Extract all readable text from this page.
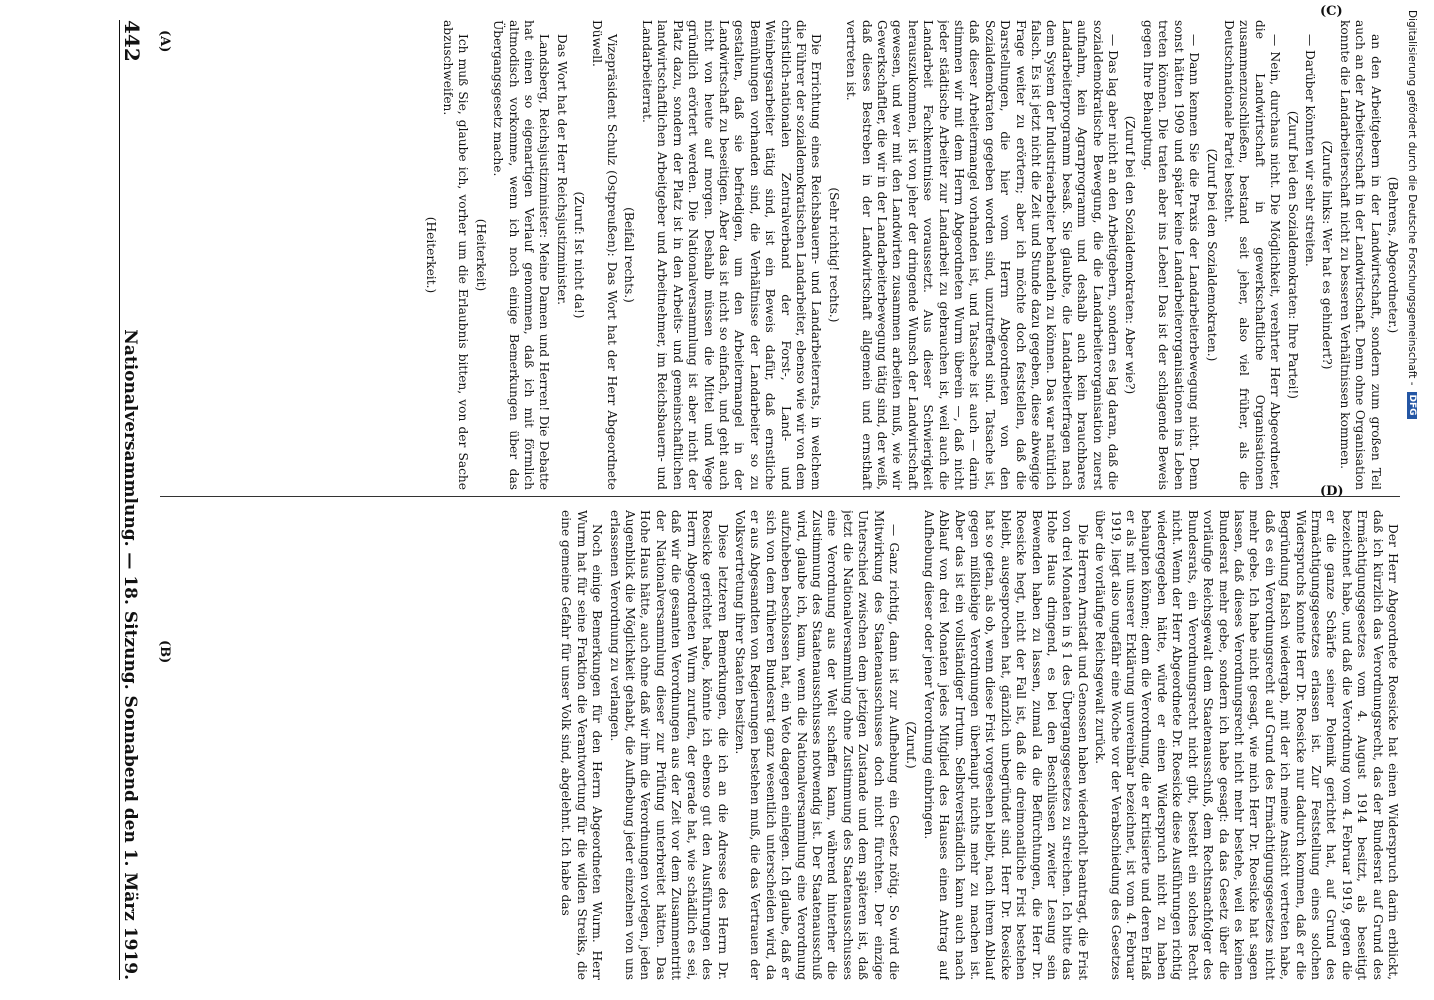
(Behrens, Abgeordneter.)

an den Arbeitgebern in der Landwirtschaft, sondern zum großen Teil auch an der Arbeiterschaft in der Landwirtschaft. Denn ohne Organisation konnte die Landarbeiterschaft nicht zu besseren Verhältnissen kommen.

(Zurufe links: Wer hat es gehindert?)

— Darüber könnten wir sehr streiten.

(Zuruf bei den Sozialdemokraten: Ihre Partei!)

— Nein, durchaus nicht. Die Möglichkeit, verehrter Herr Abgeordneter, die Landwirtschaft in gewerkschaftliche Organisationen zusammenzuschließen, bestand seit jeher, also viel früher, als die Deutschnationale Partei besteht.

(Zuruf bei den Sozialdemokraten.)

— Dann kennen Sie die Praxis der Landarbeiterbewegung nicht. Denn sonst hätten 1909 und später keine Landarbeiterorganisationen ins Leben treten können. Die traten aber ins Leben! Das ist der schlagende Beweis gegen Ihre Behauptung.

(Zuruf bei den Sozialdemokraten: Aber wie?)

— Das lag aber nicht an den Arbeitgebern, sondern es lag daran, daß die sozialdemokratische Bewegung, die die Landarbeiterorganisation zuerst aufnahm, kein Agrarprogramm und deshalb auch kein brauchbares Landarbeiterprogramm besaß. Sie glaubte, die Landarbeiterfragen nach dem System der Industriearbeiter behandeln zu können. Das war natürlich falsch. Es ist jetzt nicht die Zeit und Stunde dazu gegeben, diese abwegige Frage weiter zu erörtern; aber ich möchte doch feststellen, daß die Darstellungen, die hier vom Herrn Abgeordneten von den Sozialdemokraten gegeben worden sind, unzutreffend sind. Tatsache ist, daß dieser Arbeitermangel vorhanden ist, und Tatsache ist auch — darin stimmen wir mit dem Herrn Abgeordneten Wurm überein —, daß nicht jeder städtische Arbeiter zur Landarbeit zu gebrauchen ist, weil auch die Landarbeit Fachkenntnisse voraussetzt. Aus dieser Schwierigkeit herauszukommen, ist von jeher der dringende Wunsch der Landwirtschaft gewesen, und wer mit den Landwirten zusammen arbeiten muß, wie wir Gewerkschaftler, die wir in der Landarbeiterbewegung tätig sind, der weiß, daß dieses Bestreben in der Landwirtschaft allgemein und ernsthaft vertreten ist.

(Sehr richtig! rechts.)

Die Errichtung eines Reichsbauern- und Landarbeiterrats, in welchem die Führer der sozialdemokratischen Landarbeiter, ebenso wie wir von dem christlich-nationalen Zentralverband der Forst-, Land- und Weinbergsarbeiter tätig sind, ist ein Beweis dafür, daß ernstliche Bemühungen vorhanden sind, die Verhältnisse der Landarbeiter so zu gestalten, daß sie befriedigen, um den Arbeitermangel in der Landwirtschaft zu beseitigen. Aber das ist nicht so einfach, und geht auch nicht von heute auf morgen. Deshalb müssen die Mittel und Wege gründlich erörtert werden. Die Nationalversammlung ist aber nicht der Platz dazu, sondern der Platz ist in den Arbeits- und gemeinschaftlichen landwirtschaftlichen Arbeitgeber und Arbeitnehmer, im Reichsbauern- und Landarbeiterrat.

(Beifall rechts.)

Vizepräsident Schulz (Ostpreußen): Das Wort hat der Herr Abgeordnete Düwell.

(Zuruf: Ist nicht da!)

Das Wort hat der Herr Reichsjustizminister.

Landsberg, Reichsjustizminister: Meine Damen und Herren! Die Debatte hat einen so eigenartigen Verlauf genommen, daß ich mit förmlich altmodisch vorkomme, wenn ich noch einige Bemerkungen über das Übergangsgesetz mache.

(Heiterkeit)

Ich muß Sie, glaube ich, vorher um die Erlaubnis bitten, von der Sache abzuschweifen.

(Heiterkeit.)

Der Herr Abgeordnete Roesicke hat einen Widerspruch darin erblickt, daß ich kürzlich das Verordnungsrecht, das der Bundesrat auf Grund des Ermächtigungsgesetzes vom 4. August 1914 besitzt, als beseitigt bezeichnet habe, und daß die Verordnung vom 4. Februar 1919, gegen die er die ganze Schärfe seiner Polemik gerichtet hat, auf Grund des Ermächtigungsgesetzes erlassen ist. Zur Feststellung eines solchen Widerspruchs konnte Herr Dr. Roesicke nur dadurch kommen, daß er die Begründung falsch wiedergab, mit der ich meine Ansicht vertreten habe, daß es ein Verordnungsrecht auf Grund des Ermächtigungsgesetzes nicht mehr gebe. Ich habe nicht gesagt, wie mich Herr Dr. Roesicke hat sagen lassen, daß dieses Verordnungsrecht nicht mehr bestehe, weil es keinen Bundesrat mehr gebe, sondern ich habe gesagt: da das Gesetz über die vorläufige Reichsgewalt dem Staatenausschuß, dem Rechtsnachfolger des Bundesrats, ein Verordnungsrecht nicht gibt, besteht ein solches Recht nicht. Wenn der Herr Abgeordnete Dr. Roesicke diese Ausführungen richtig wiedergegeben hätte, würde er einen Widerspruch nicht zu haben behaupten können; denn die Verordnung, die er kritisierte und deren Erlaß er als mit unserer Erklärung unvereinbar bezeichnet, ist vom 4. Februar 1919, liegt also ungefähr eine Woche vor der Verabschiedung des Gesetzes über die vorläufige Reichsgewalt zurück.

Die Herren Arnstadt und Genossen haben wiederholt beantragt, die Frist von drei Monaten in § 1 des Übergangsgesetzes zu streichen. Ich bitte das Hohe Haus dringend, es bei den Beschlüssen zweiter Lesung sein Bewenden haben zu lassen, zumal da die Befürchtungen, die Herr Dr. Roesicke hegt, nicht der Fall ist, daß die dreimonatliche Frist bestehen bleibt, ausgesprochen hat, gänzlich unbegründet sind. Herr Dr. Roesicke hat so getan, als ob, wenn diese Frist vorgesehen bleibt, nach ihrem Ablauf gegen mißliebige Verordnungen überhaupt nichts mehr zu machen ist. Aber das ist ein vollständiger Irrtum. Selbstverständlich kann auch nach Ablauf von drei Monaten jedes Mitglied des Hauses einen Antrag auf Aufhebung dieser oder jener Verordnung einbringen.

(Zuruf.)

— Ganz richtig, dann ist zur Aufhebung ein Gesetz nötig. So wird die Mitwirkung des Staatenausschusses doch nicht fürchten. Der einzige Unterschied zwischen dem jetzigen Zustande und dem späteren ist, daß jetzt die Nationalversammlung ohne Zustimmung des Staatenausschusses eine Verordnung aus der Welt schaffen kann, während hinterher die Zustimmung des Staatenausschusses notwendig ist. Der Staatenausschuß wird, glaube ich, kaum, wenn die Nationalversammlung eine Verordnung aufzuheben beschlossen hat, ein Veto dagegen einlegen. Ich glaube, daß er sich von dem früheren Bundesrat ganz wesentlich unterscheiden wird, da er aus Abgesandten von Regierungen bestehen muß, die das Vertrauen der Volksvertretung ihrer Staaten besitzen.

Diese letzteren Bemerkungen, die ich an die Adresse des Herrn Dr. Roesicke gerichtet habe, könnte ich ebenso gut den Ausführungen des Herrn Abgeordneten Wurm zurufen, der gerade hat, wie schädlich es sei, daß wir die gesamten Verordnungen aus der Zeit vor dem Zusammentritt der Nationalversammlung dieser zur Prüfung unterbreitet hätten. Das Hohe Haus hätte, auch ohne daß wir ihm die Verordnungen vorlegen, jeden Augenblick die Möglichkeit gehabt, die Aufhebung jeder einzelnen von uns erlassenen Verordnung zu verlangen.

Noch einige Bemerkungen für den Herrn Abgeordneten Wurm. Herr Wurm hat für seine Fraktion die Verantwortung für die wilden Streiks, die eine gemeine Gefahr für unser Volk sind, abgelehnt. Ich habe das

(A)
(B)
442
Nationalversammlung. — 18. Sitzung. Sonnabend den 1. März 1919.
(C)
(D)
Digitalisierung gefördert durch die Deutsche Forschungsgemeinschaft -
DFG
